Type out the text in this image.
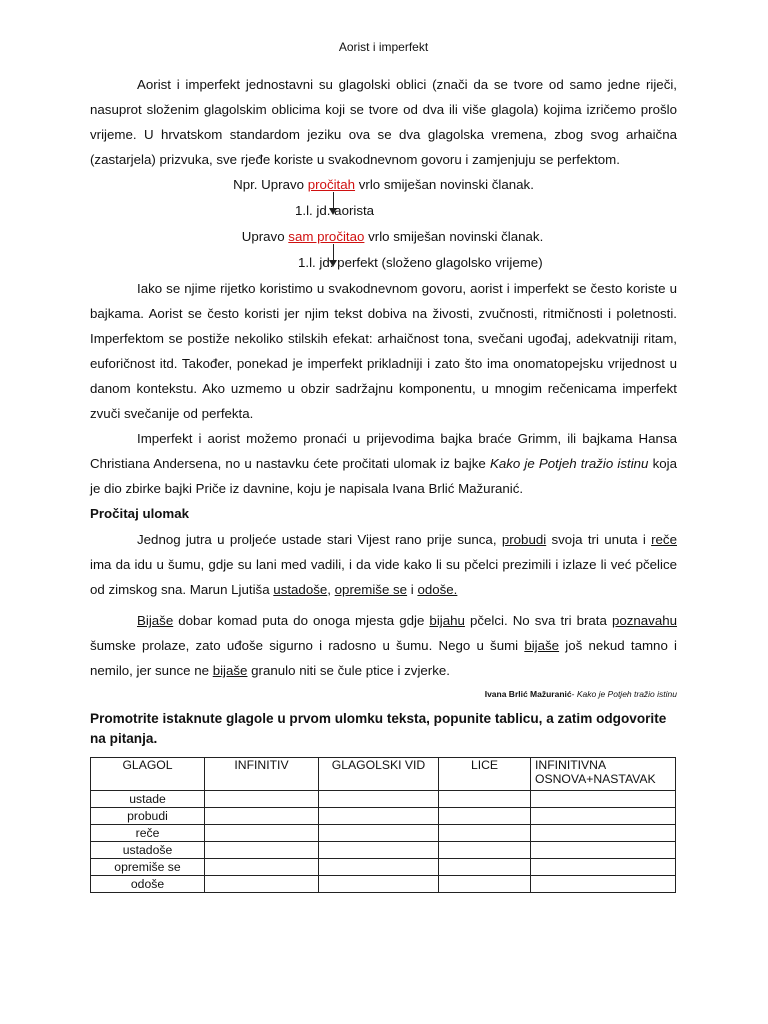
Aorist i imperfekt

Aorist i imperfekt jednostavni su glagolski oblici (znači da se tvore od samo jedne riječi, nasuprot složenim glagolskim oblicima koji se tvore od dva ili više glagola) kojima izričemo prošlo vrijeme. U hrvatskom standardom jeziku ova se dva glagolska vremena, zbog svog arhaična (zastarjela) prizvuka, sve rjeđe koriste u svakodnevnom govoru i zamjenjuju se perfektom.

Npr. Upravo pročitah vrlo smiješan novinski članak.
1.l. jd. aorista
Upravo sam pročitao vrlo smiješan novinski članak.
1.l. jd. perfekt (složeno glagolsko vrijeme)

Iako se njime rijetko koristimo u svakodnevnom govoru, aorist i imperfekt se često koriste u bajkama. Aorist se često koristi jer njim tekst dobiva na živosti, zvučnosti, ritmičnosti i poletnosti. Imperfektom se postiže nekoliko stilskih efekat: arhaičnost tona, svečani ugođaj, adekvatniji ritam, euforičnost itd. Također, ponekad je imperfekt prikladniji i zato što ima onomatopejsku vrijednost u danom kontekstu. Ako uzmemo u obzir sadržajnu komponentu, u mnogim rečenicama imperfekt zvuči svečanije od perfekta.

Imperfekt i aorist možemo pronaći u prijevodima bajka braće Grimm, ili bajkama Hansa Christiana Andersena, no u nastavku ćete pročitati ulomak iz bajke Kako je Potjeh tražio istinu koja je dio zbirke bajki Priče iz davnine, koju je napisala Ivana Brlić Mažuranić.

Pročitaj ulomak

Jednog jutra u proljeće ustade stari Vijest rano prije sunca, probudi svoja tri unuta i reče ima da idu u šumu, gdje su lani med vadili, i da vide kako li su pčelci prezimili i izlaze li već pčelice od zimskog sna. Marun Ljutiša ustadoše, opremiše se i odoše.

Bijaše dobar komad puta do onoga mjesta gdje bijahu pčelci. No sva tri brata poznavahu šumske prolaze, zato uđoše sigurno i radosno u šumu. Nego u šumi bijaše još nekud tamno i nemilo, jer sunce ne bijaše granulo niti se čule ptice i zvjerke.

Ivana Brlić Mažuranić- Kako je Potjeh tražio istinu
Promotrite istaknute glagole u prvom ulomku teksta, popunite tablicu, a zatim odgovorite na pitanja.
GLAGOL	INFINITIV	GLAGOLSKI VID	LICE	INFINITIVNA OSNOVA+NASTAVAK
ustade				
probudi				
reče				
ustadoše				
opremiše se				
odoše				
